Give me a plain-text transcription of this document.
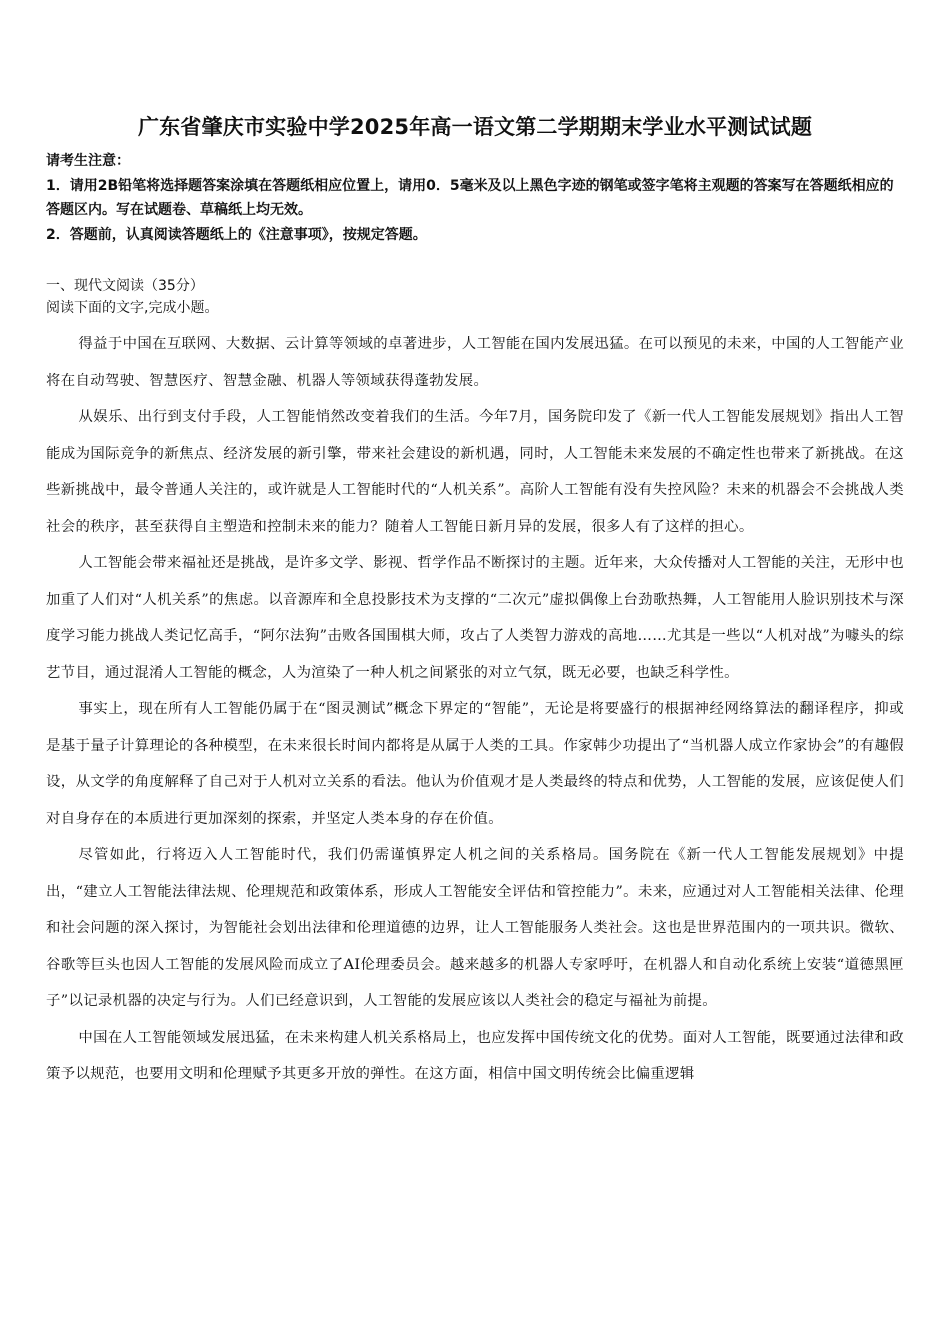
广东省肇庆市实验中学2025年高一语文第二学期期末学业水平测试试题

请考生注意：

1．请用2B铅笔将选择题答案涂填在答题纸相应位置上，请用0．5毫米及以上黑色字迹的钢笔或签字笔将主观题的答案写在答题纸相应的答题区内。写在试题卷、草稿纸上均无效。

2．答题前，认真阅读答题纸上的《注意事项》，按规定答题。

一、现代文阅读（35分）
阅读下面的文字,完成小题。

得益于中国在互联网、大数据、云计算等领域的卓著进步，人工智能在国内发展迅猛。在可以预见的未来，中国的人工智能产业将在自动驾驶、智慧医疗、智慧金融、机器人等领域获得蓬勃发展。

从娱乐、出行到支付手段，人工智能悄然改变着我们的生活。今年7月，国务院印发了《新一代人工智能发展规划》指出人工智能成为国际竞争的新焦点、经济发展的新引擎，带来社会建设的新机遇，同时，人工智能未来发展的不确定性也带来了新挑战。在这些新挑战中，最令普通人关注的，或许就是人工智能时代的“人机关系”。高阶人工智能有没有失控风险？未来的机器会不会挑战人类社会的秩序，甚至获得自主塑造和控制未来的能力？随着人工智能日新月异的发展，很多人有了这样的担心。

人工智能会带来福祉还是挑战，是许多文学、影视、哲学作品不断探讨的主题。近年来，大众传播对人工智能的关注，无形中也加重了人们对“人机关系”的焦虑。以音源库和全息投影技术为支撑的“二次元”虚拟偶像上台劲歌热舞，人工智能用人脸识别技术与深度学习能力挑战人类记忆高手，“阿尔法狗”击败各国围棋大师，攻占了人类智力游戏的高地……尤其是一些以“人机对战”为噱头的综艺节目，通过混淆人工智能的概念，人为渲染了一种人机之间紧张的对立气氛，既无必要，也缺乏科学性。

事实上，现在所有人工智能仍属于在“图灵测试”概念下界定的“智能”，无论是将要盛行的根据神经网络算法的翻译程序，抑或是基于量子计算理论的各种模型，在未来很长时间内都将是从属于人类的工具。作家韩少功提出了“当机器人成立作家协会”的有趣假设，从文学的角度解释了自己对于人机对立关系的看法。他认为价值观才是人类最终的特点和优势，人工智能的发展，应该促使人们对自身存在的本质进行更加深刻的探索，并坚定人类本身的存在价值。

尽管如此，行将迈入人工智能时代，我们仍需谨慎界定人机之间的关系格局。国务院在《新一代人工智能发展规划》中提出，“建立人工智能法律法规、伦理规范和政策体系，形成人工智能安全评估和管控能力”。未来，应通过对人工智能相关法律、伦理和社会问题的深入探讨，为智能社会划出法律和伦理道德的边界，让人工智能服务人类社会。这也是世界范围内的一项共识。微软、谷歌等巨头也因人工智能的发展风险而成立了AI伦理委员会。越来越多的机器人专家呼吁，在机器人和自动化系统上安装“道德黑匣子”以记录机器的决定与行为。人们已经意识到，人工智能的发展应该以人类社会的稳定与福祉为前提。

中国在人工智能领域发展迅猛，在未来构建人机关系格局上，也应发挥中国传统文化的优势。面对人工智能，既要通过法律和政策予以规范，也要用文明和伦理赋予其更多开放的弹性。在这方面，相信中国文明传统会比偏重逻辑
